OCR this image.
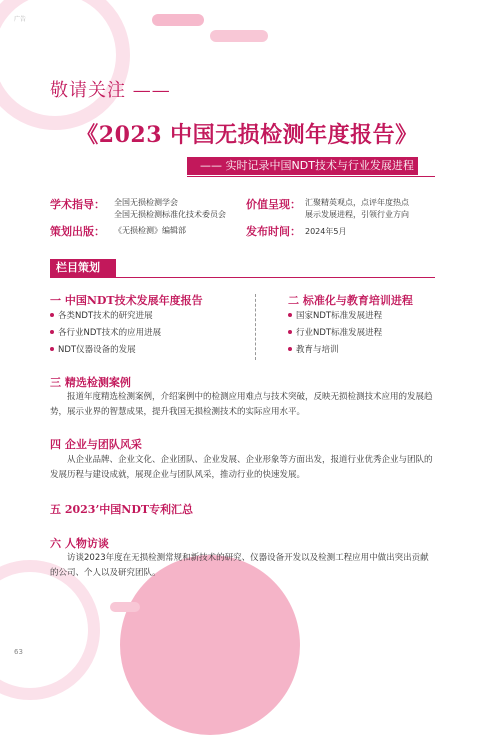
广告
敬请关注 ——
《2023 中国无损检测年度报告》
—— 实时记录中国NDT技术与行业发展进程
学术指导： 全国无损检测学会
全国无损检测标准化技术委员会
策划出版： 《无损检测》编辑部
价值呈现： 汇聚精英观点，点评年度热点
展示发展进程，引领行业方向
发布时间： 2024年5月
栏目策划
一 中国NDT技术发展年度报告
各类NDT技术的研究进展
各行业NDT技术的应用进展
NDT仪器设备的发展
二 标准化与教育培训进程
国家NDT标准发展进程
行业NDT标准发展进程
教育与培训
三 精选检测案例
报道年度精选检测案例，介绍案例中的检测应用难点与技术突破，反映无损检测技术应用的发展趋势，展示业界的智慧成果，提升我国无损检测技术的实际应用水平。
四 企业与团队风采
从企业品牌、企业文化、企业团队、企业发展、企业形象等方面出发，报道行业优秀企业与团队的发展历程与建设成就，展现企业与团队风采，推动行业的快速发展。
五 2023’中国NDT专利汇总
六 人物访谈
访谈2023年度在无损检测常规和新技术的研究、仪器设备开发以及检测工程应用中做出突出贡献的公司、个人以及研究团队。
63
